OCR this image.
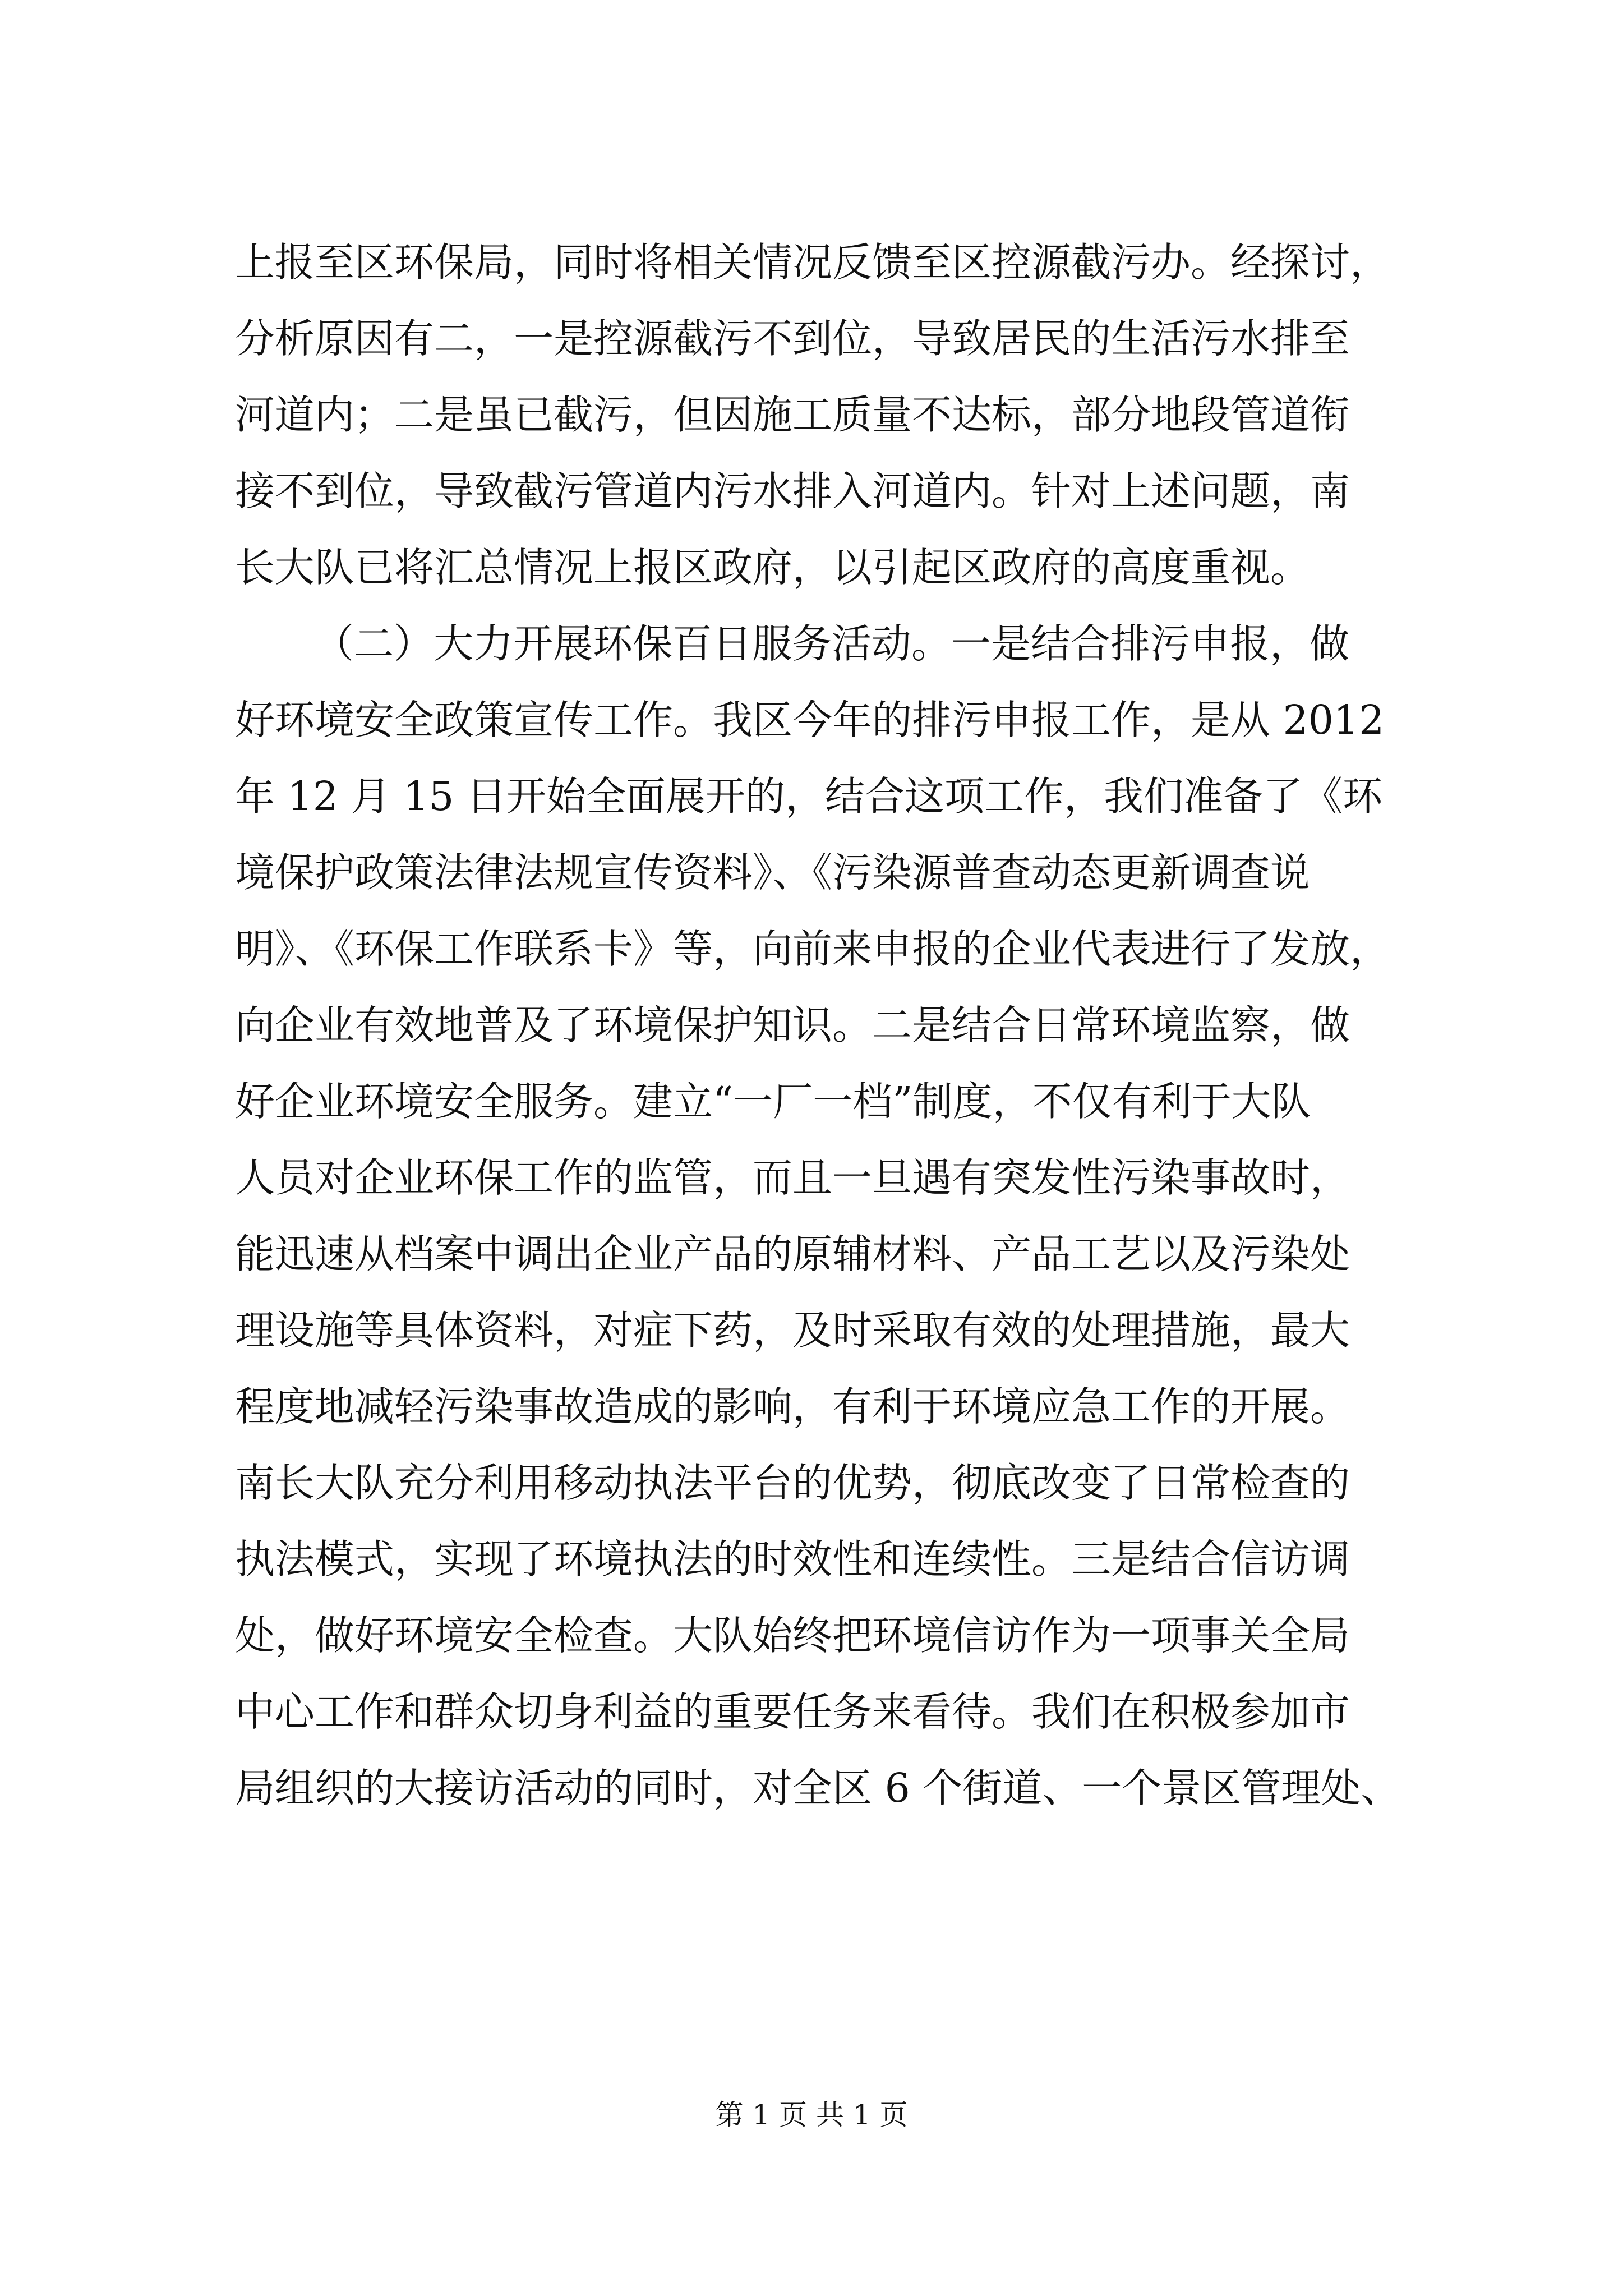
上报至区环保局，同时将相关情况反馈至区控源截污办。经探讨，
分析原因有二，一是控源截污不到位，导致居民的生活污水排至
河道内；二是虽已截污，但因施工质量不达标，部分地段管道衔
接不到位，导致截污管道内污水排入河道内。针对上述问题，南
长大队已将汇总情况上报区政府，以引起区政府的高度重视。
（二）大力开展环保百日服务活动。一是结合排污申报，做
好环境安全政策宣传工作。我区今年的排污申报工作，是从 2012
年 12 月 15 日开始全面展开的，结合这项工作，我们准备了《环
境保护政策法律法规宣传资料》、《污染源普查动态更新调查说
明》、《环保工作联系卡》等，向前来申报的企业代表进行了发放，
向企业有效地普及了环境保护知识。二是结合日常环境监察，做
好企业环境安全服务。建立“一厂一档”制度，不仅有利于大队
人员对企业环保工作的监管，而且一旦遇有突发性污染事故时，
能迅速从档案中调出企业产品的原辅材料、产品工艺以及污染处
理设施等具体资料，对症下药，及时采取有效的处理措施，最大
程度地减轻污染事故造成的影响，有利于环境应急工作的开展。
南长大队充分利用移动执法平台的优势，彻底改变了日常检查的
执法模式，实现了环境执法的时效性和连续性。三是结合信访调
处，做好环境安全检查。大队始终把环境信访作为一项事关全局
中心工作和群众切身利益的重要任务来看待。我们在积极参加市
局组织的大接访活动的同时，对全区 6 个街道、一个景区管理处、
第 1 页 共 1 页
